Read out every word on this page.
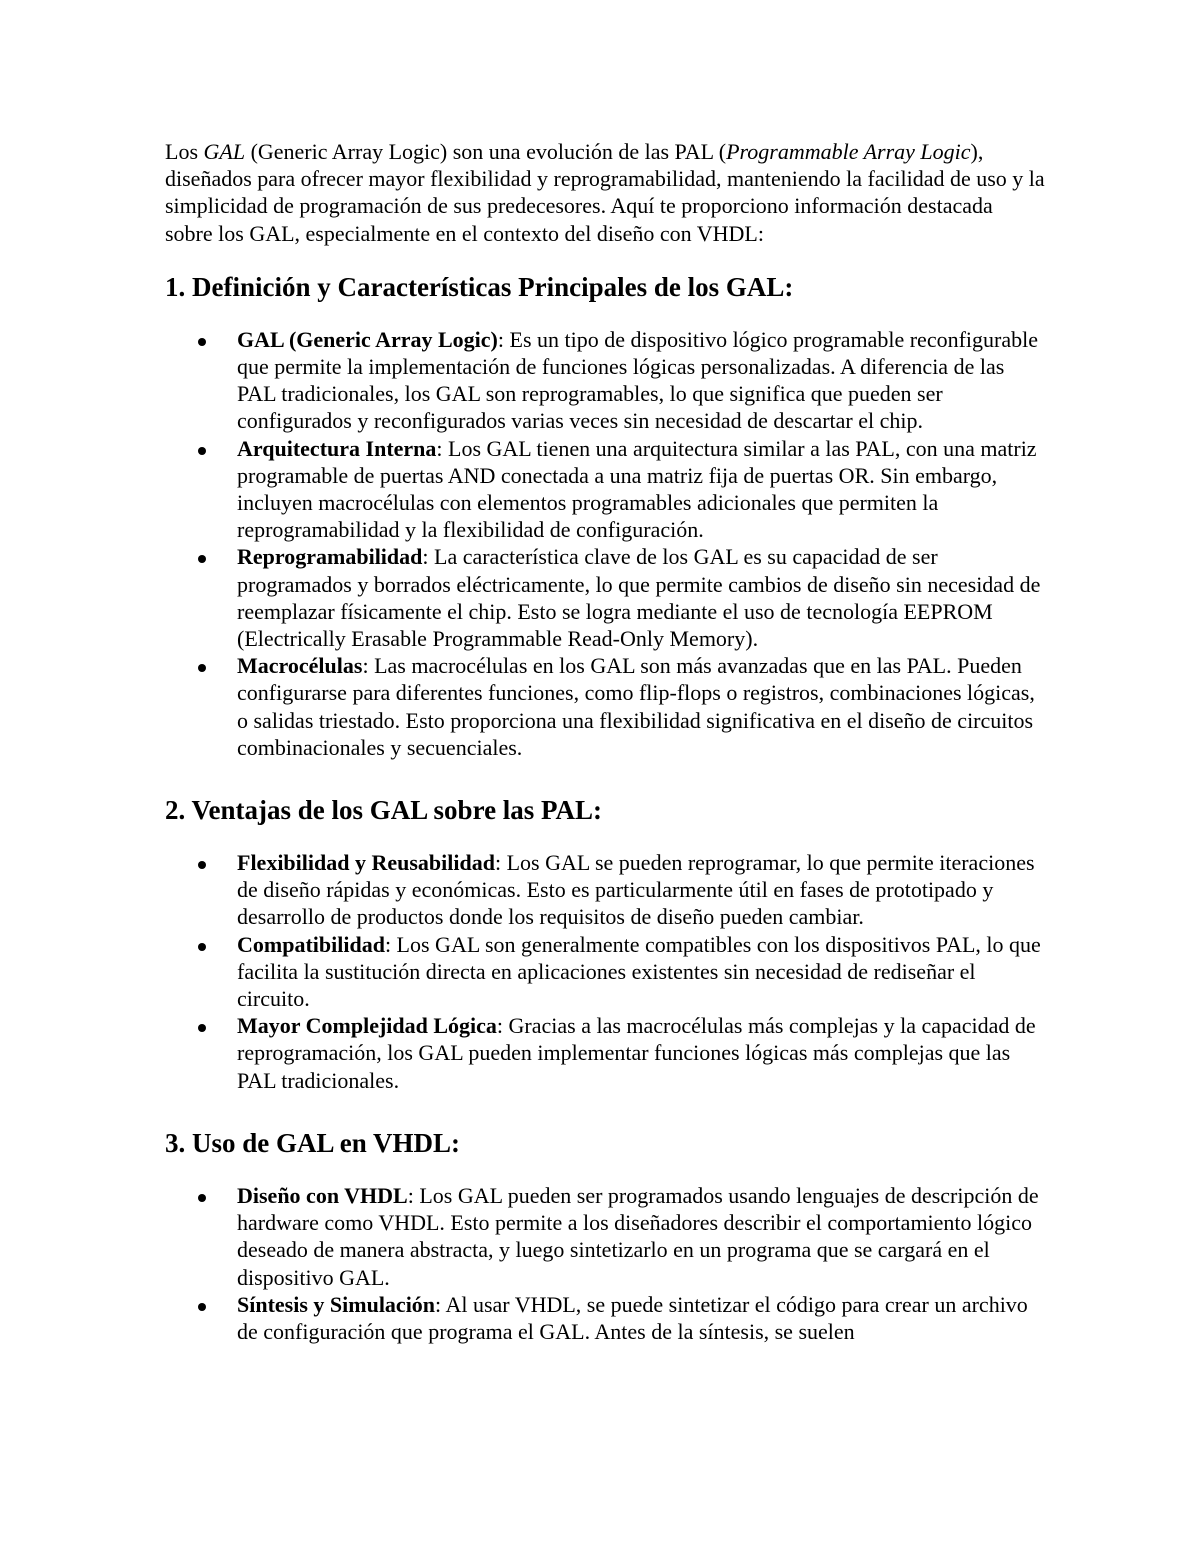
Los GAL (Generic Array Logic) son una evolución de las PAL (Programmable Array Logic), diseñados para ofrecer mayor flexibilidad y reprogramabilidad, manteniendo la facilidad de uso y la simplicidad de programación de sus predecesores. Aquí te proporciono información destacada sobre los GAL, especialmente en el contexto del diseño con VHDL:

1. Definición y Características Principales de los GAL:
GAL (Generic Array Logic): Es un tipo de dispositivo lógico programable reconfigurable que permite la implementación de funciones lógicas personalizadas. A diferencia de las PAL tradicionales, los GAL son reprogramables, lo que significa que pueden ser configurados y reconfigurados varias veces sin necesidad de descartar el chip.
Arquitectura Interna: Los GAL tienen una arquitectura similar a las PAL, con una matriz programable de puertas AND conectada a una matriz fija de puertas OR. Sin embargo, incluyen macrocélulas con elementos programables adicionales que permiten la reprogramabilidad y la flexibilidad de configuración.
Reprogramabilidad: La característica clave de los GAL es su capacidad de ser programados y borrados eléctricamente, lo que permite cambios de diseño sin necesidad de reemplazar físicamente el chip. Esto se logra mediante el uso de tecnología EEPROM (Electrically Erasable Programmable Read-Only Memory).
Macrocélulas: Las macrocélulas en los GAL son más avanzadas que en las PAL. Pueden configurarse para diferentes funciones, como flip-flops o registros, combinaciones lógicas, o salidas triestado. Esto proporciona una flexibilidad significativa en el diseño de circuitos combinacionales y secuenciales.
2. Ventajas de los GAL sobre las PAL:
Flexibilidad y Reusabilidad: Los GAL se pueden reprogramar, lo que permite iteraciones de diseño rápidas y económicas. Esto es particularmente útil en fases de prototipado y desarrollo de productos donde los requisitos de diseño pueden cambiar.
Compatibilidad: Los GAL son generalmente compatibles con los dispositivos PAL, lo que facilita la sustitución directa en aplicaciones existentes sin necesidad de rediseñar el circuito.
Mayor Complejidad Lógica: Gracias a las macrocélulas más complejas y la capacidad de reprogramación, los GAL pueden implementar funciones lógicas más complejas que las PAL tradicionales.
3. Uso de GAL en VHDL:
Diseño con VHDL: Los GAL pueden ser programados usando lenguajes de descripción de hardware como VHDL. Esto permite a los diseñadores describir el comportamiento lógico deseado de manera abstracta, y luego sintetizarlo en un programa que se cargará en el dispositivo GAL.
Síntesis y Simulación: Al usar VHDL, se puede sintetizar el código para crear un archivo de configuración que programa el GAL. Antes de la síntesis, se suelen
